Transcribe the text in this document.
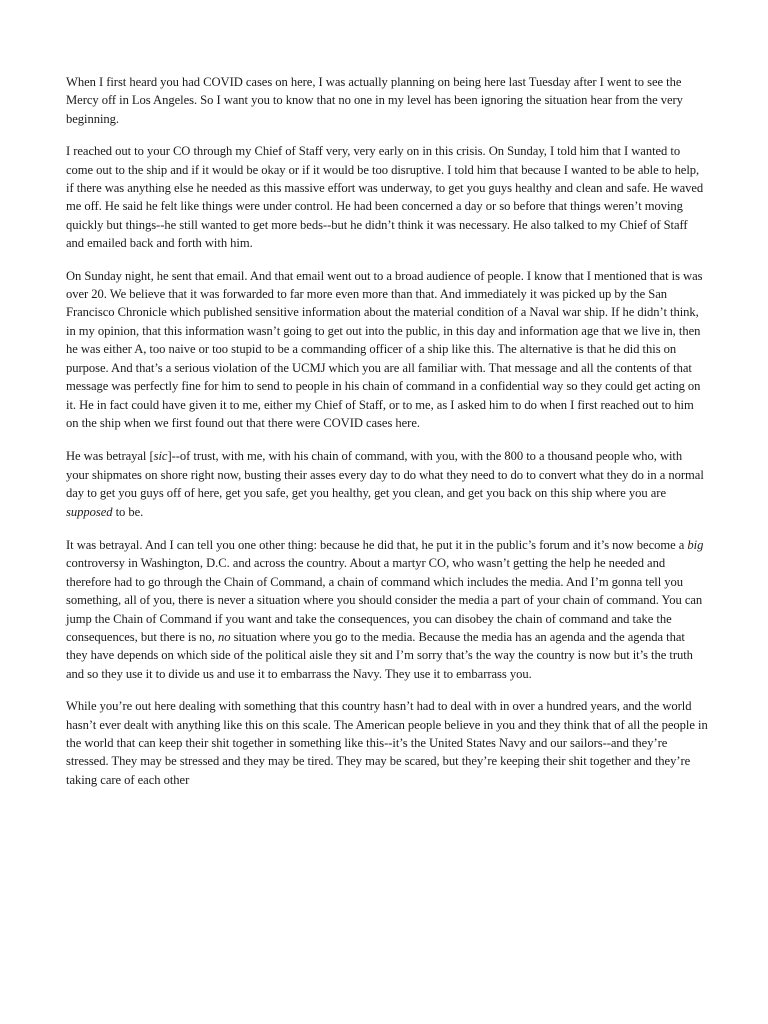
When I first heard you had COVID cases on here, I was actually planning on being here last Tuesday after I went to see the Mercy off in Los Angeles. So I want you to know that no one in my level has been ignoring the situation hear from the very beginning.

I reached out to your CO through my Chief of Staff very, very early on in this crisis. On Sunday, I told him that I wanted to come out to the ship and if it would be okay or if it would be too disruptive. I told him that because I wanted to be able to help, if there was anything else he needed as this massive effort was underway, to get you guys healthy and clean and safe. He waved me off. He said he felt like things were under control. He had been concerned a day or so before that things weren’t moving quickly but things--he still wanted to get more beds--but he didn’t think it was necessary. He also talked to my Chief of Staff and emailed back and forth with him.

On Sunday night, he sent that email. And that email went out to a broad audience of people. I know that I mentioned that is was over 20. We believe that it was forwarded to far more even more than that. And immediately it was picked up by the San Francisco Chronicle which published sensitive information about the material condition of a Naval war ship. If he didn’t think, in my opinion, that this information wasn’t going to get out into the public, in this day and information age that we live in, then he was either A, too naive or too stupid to be a commanding officer of a ship like this. The alternative is that he did this on purpose. And that’s a serious violation of the UCMJ which you are all familiar with. That message and all the contents of that message was perfectly fine for him to send to people in his chain of command in a confidential way so they could get acting on it. He in fact could have given it to me, either my Chief of Staff, or to me, as I asked him to do when I first reached out to him on the ship when we first found out that there were COVID cases here.

He was betrayal [sic]--of trust, with me, with his chain of command, with you, with the 800 to a thousand people who, with your shipmates on shore right now, busting their asses every day to do what they need to do to convert what they do in a normal day to get you guys off of here, get you safe, get you healthy, get you clean, and get you back on this ship where you are supposed to be.

It was betrayal. And I can tell you one other thing: because he did that, he put it in the public’s forum and it’s now become a big controversy in Washington, D.C. and across the country. About a martyr CO, who wasn’t getting the help he needed and therefore had to go through the Chain of Command, a chain of command which includes the media. And I’m gonna tell you something, all of you, there is never a situation where you should consider the media a part of your chain of command. You can jump the Chain of Command if you want and take the consequences, you can disobey the chain of command and take the consequences, but there is no, no situation where you go to the media. Because the media has an agenda and the agenda that they have depends on which side of the political aisle they sit and I’m sorry that’s the way the country is now but it’s the truth and so they use it to divide us and use it to embarrass the Navy. They use it to embarrass you.

While you’re out here dealing with something that this country hasn’t had to deal with in over a hundred years, and the world hasn’t ever dealt with anything like this on this scale. The American people believe in you and they think that of all the people in the world that can keep their shit together in something like this--it’s the United States Navy and our sailors--and they’re stressed. They may be stressed and they may be tired. They may be scared, but they’re keeping their shit together and they’re taking care of each other
